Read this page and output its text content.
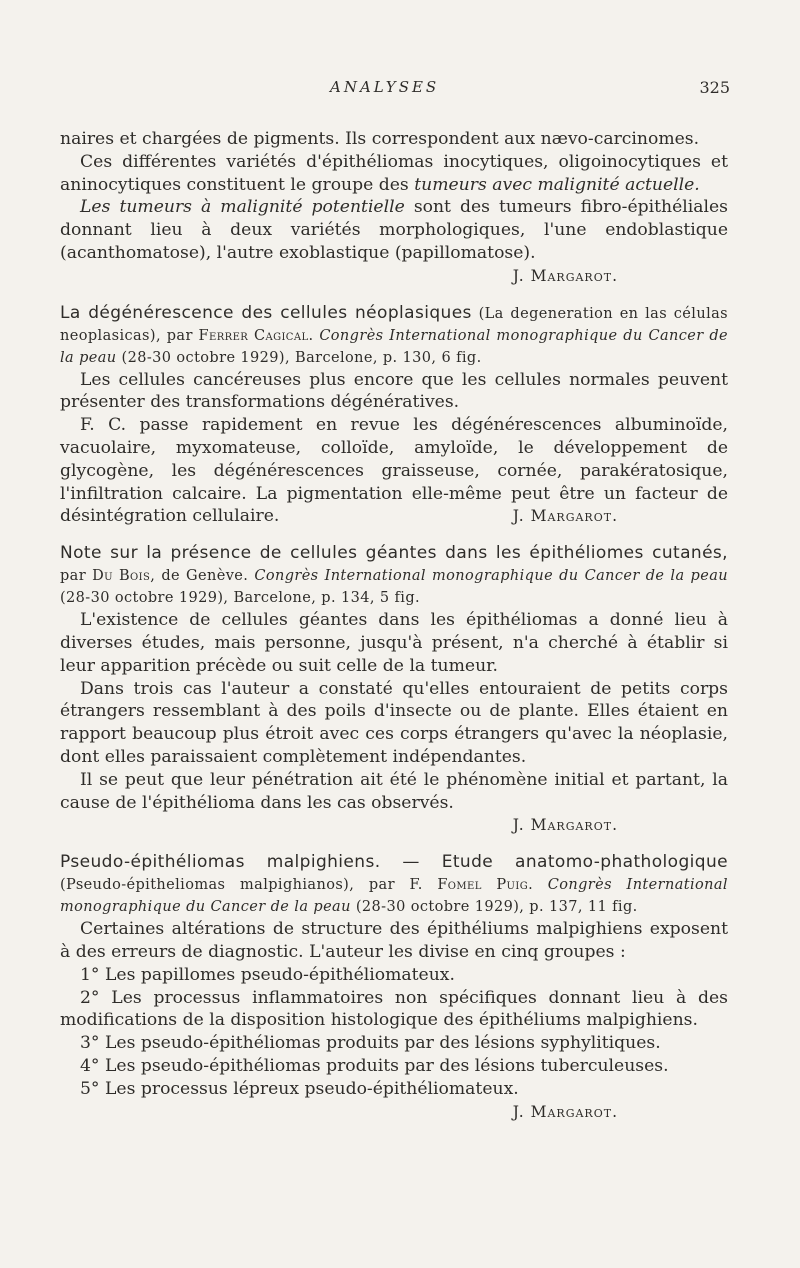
ANALYSES	325

naires et chargées de pigments. Ils correspondent aux nævo-carcinomes.

Ces différentes variétés d'épithéliomas inocytiques, oligoinocytiques et aninocytiques constituent le groupe des tumeurs avec malignité actuelle.

Les tumeurs à malignité potentielle sont des tumeurs fibro-épithéliales donnant lieu à deux variétés morphologiques, l'une endoblastique (acanthomatose), l'autre exoblastique (papillomatose).

J. Margarot.

La dégénérescence des cellules néoplasiques (La degeneration en las células neoplasicas), par Ferrer Cagical. Congrès International monographique du Cancer de la peau (28-30 octobre 1929), Barcelone, p. 130, 6 fig.

Les cellules cancéreuses plus encore que les cellules normales peuvent présenter des transformations dégénératives.

F. C. passe rapidement en revue les dégénérescences albuminoïde, vacuolaire, myxomateuse, colloïde, amyloïde, le développement de glycogène, les dégénérescences graisseuse, cornée, parakératosique, l'infiltration calcaire. La pigmentation elle-même peut être un facteur de désintégration cellulaire.	J. Margarot.

Note sur la présence de cellules géantes dans les épithéliomes cutanés, par Du Bois, de Genève. Congrès International monographique du Cancer de la peau (28-30 octobre 1929), Barcelone, p. 134, 5 fig.

L'existence de cellules géantes dans les épithéliomas a donné lieu à diverses études, mais personne, jusqu'à présent, n'a cherché à établir si leur apparition précède ou suit celle de la tumeur.

Dans trois cas l'auteur a constaté qu'elles entouraient de petits corps étrangers ressemblant à des poils d'insecte ou de plante. Elles étaient en rapport beaucoup plus étroit avec ces corps étrangers qu'avec la néoplasie, dont elles paraissaient complètement indépendantes.

Il se peut que leur pénétration ait été le phénomène initial et partant, la cause de l'épithélioma dans les cas observés.

J. Margarot.

Pseudo-épithéliomas malpighiens. — Etude anatomo-phathologique (Pseudo-épitheliomas malpighianos), par F. Fomel Puig. Congrès International monographique du Cancer de la peau (28-30 octobre 1929), p. 137, 11 fig.

Certaines altérations de structure des épithéliums malpighiens exposent à des erreurs de diagnostic. L'auteur les divise en cinq groupes :

1° Les papillomes pseudo-épithéliomateux.

2° Les processus inflammatoires non spécifiques donnant lieu à des modifications de la disposition histologique des épithéliums malpighiens.

3° Les pseudo-épithéliomas produits par des lésions syphylitiques.

4° Les pseudo-épithéliomas produits par des lésions tuberculeuses.

5° Les processus lépreux pseudo-épithéliomateux.

J. Margarot.
